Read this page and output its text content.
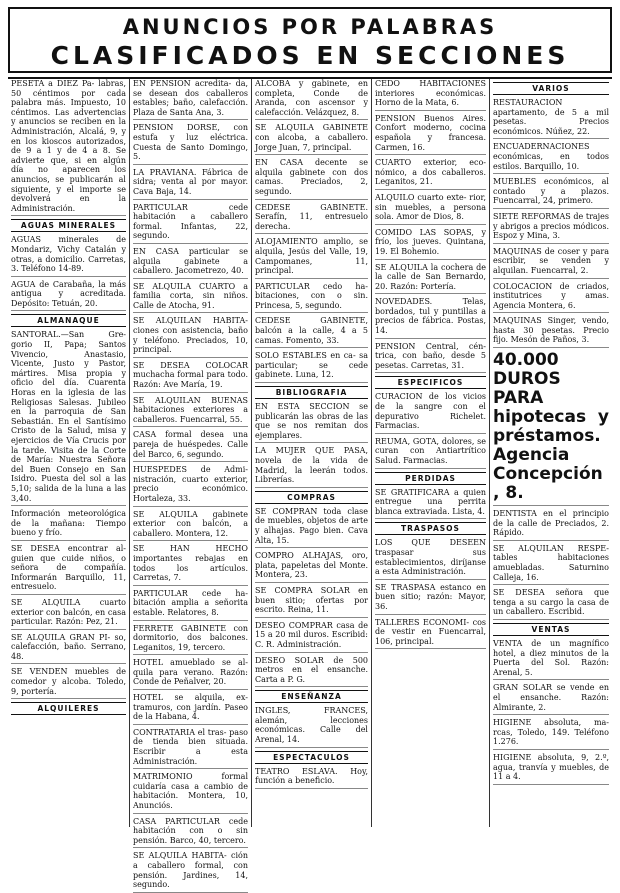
ANUNCIOS POR PALABRAS
CLASIFICADOS EN SECCIONES
PESETA a DIEZ Pa- labras, 50 céntimos por cada palabra más. Impuesto, 10 céntimos. Las advertencias y anuncios se reciben en la Administración, Alcalá, 9, y en los kioscos autorizados, de 9 a 1 y de 4 a 8. Se advierte que, si en algún día no aparecen los anuncios, se publicarán al siguiente, y el importe se devolverá en la Administración.
AGUAS MINERALES
AGUAS minerales de Mondariz, Vichy Catalán y otras, a domicilio. Carretas, 3. Teléfono 14-89.
AGUA de Carabaña, la más antigua y acreditada. Depósito: Tetuán, 20.
ALMANAQUE
SANTORAL.—San Gre- gorio II, Papa; Santos Vivencio, Anastasio, Vicente, Justo y Pastor, mártires. Misa propia y oficio del día. Cuarenta Horas en la iglesia de las Religiosas Salesas. Jubileo en la parroquia de San Sebastián. En el Santísimo Cristo de la Salud, misa y ejercicios de Vía Crucis por la tarde. Visita de la Corte de María: Nuestra Señora del Buen Consejo en San Isidro. Puesta del sol a las 5,10; salida de la luna a las 3,40.
Información meteorológica de la mañana: Tiempo bueno y frío.
SE DESEA encontrar al- guien que cuide niños, o señora de compañía. Informarán Barquillo, 11, entresuelo.
SE ALQUILA cuarto exterior con balcón, en casa particular. Razón: Pez, 21.
SE ALQUILA GRAN PI- so, calefacción, baño. Serrano, 48.
SE VENDEN muebles de comedor y alcoba. Toledo, 9, portería.
ALQUILERES
EN PENSION acredita- da, se desean dos caballeros estables; baño, calefacción. Plaza de Santa Ana, 3.
PENSION DORSE, con estufa y luz eléctrica. Cuesta de Santo Domingo, 5.
LA PRAVIANA. Fábrica de sidra; venta al por mayor. Cava Baja, 14.
PARTICULAR cede habitación a caballero formal. Infantas, 22, segundo.
EN CASA particular se alquila gabinete a caballero. Jacometrezo, 40.
SE ALQUILA CUARTO a familia corta, sin niños. Calle de Atocha, 91.
SE ALQUILAN HABITA- ciones con asistencia, baño y teléfono. Preciados, 10, principal.
SE DESEA COLOCAR muchacha formal para todo. Razón: Ave María, 19.
SE ALQUILAN BUENAS habitaciones exteriores a caballeros. Fuencarral, 55.
CASA formal desea una pareja de huéspedes. Calle del Barco, 6, segundo.
HUESPEDES de Admi- nistración, cuarto exterior, precio económico. Hortaleza, 33.
SE ALQUILA gabinete exterior con balcón, a caballero. Montera, 12.
SE HAN HECHO importantes rebajas en todos los artículos. Carretas, 7.
PARTICULAR cede ha- bitación amplia a señorita estable. Relatores, 8.
FERRETE GABINETE con dormitorio, dos balcones. Leganitos, 19, tercero.
HOTEL amueblado se al- quila para verano. Razón: Conde de Peñalver, 20.
HOTEL se alquila, ex- tramuros, con jardín. Paseo de la Habana, 4.
CONTRATARIA el tras- paso de tienda bien situada. Escribir a esta Administración.
MATRIMONIO formal cuidaría casa a cambio de habitación. Montera, 10, Anunciós.
CASA PARTICULAR cede habitación con o sin pensión. Barco, 40, tercero.
SE ALQUILA HABITA- ción a caballero formal, con pensión. Jardines, 14, segundo.
ALCOBA y gabinete, en completa, Conde de Aranda, con ascensor y calefacción. Velázquez, 8.
SE ALQUILA GABINETE con alcoba, a caballero. Jorge Juan, 7, principal.
EN CASA decente se alquila gabinete con dos camas. Preciados, 2, segundo.
CEDESE GABINETE. Serafín, 11, entresuelo derecha.
ALOJAMIENTO amplio, se alquila, Jesús del Valle, 19, Campomanes, 11, principal.
PARTICULAR cedo ha- bitaciones, con o sin. Princesa, 5, segundo.
CEDESE GABINETE, balcón a la calle, 4 a 5 camas. Fomento, 33.
SOLO ESTABLES en ca- sa particular; se cede gabinete. Luna, 12.
BIBLIOGRAFIA
EN ESTA SECCION se publicarán las obras de las que se nos remitan dos ejemplares.
LA MUJER QUE PASA, novela de la vida de Madrid, la leerán todos. Librerías.
COMPRAS
SE COMPRAN toda clase de muebles, objetos de arte y alhajas. Pago bien. Cava Alta, 15.
COMPRO ALHAJAS, oro, plata, papeletas del Monte. Montera, 23.
SE COMPRA SOLAR en buen sitio; ofertas por escrito. Reina, 11.
DESEO COMPRAR casa de 15 a 20 mil duros. Escribid: C. R. Administración.
DESEO SOLAR de 500 metros en el ensanche. Carta a P. G.
ENSEÑANZA
INGLES, FRANCES, alemán, lecciones económicas. Calle del Arenal, 14.
ESPECTACULOS
TEATRO ESLAVA. Hoy, función a beneficio.
CEDO HABITACIONES interiores económicas. Horno de la Mata, 6.
PENSION Buenos Aires. Confort moderno, cocina española y francesa. Carmen, 16.
CUARTO exterior, eco- nómico, a dos caballeros. Leganitos, 21.
ALQUILO cuarto exte- rior, sin muebles, a persona sola. Amor de Dios, 8.
COMIDO LAS SOPAS, y frío, los jueves. Quintana, 19. El Bohemio.
SE ALQUILA la cochera de la calle de San Bernardo, 20. Razón: Portería.
NOVEDADES. Telas, bordados, tul y puntillas a precios de fábrica. Postas, 14.
PENSION Central, cén- trica, con baño, desde 5 pesetas. Carretas, 31.
ESPECIFICOS
CURACION de los vicios de la sangre con el depurativo Richelet. Farmacias.
REUMA, GOTA, dolores, se curan con Antiartrítico Salud. Farmacias.
PERDIDAS
SE GRATIFICARA a quien entregue una perrita blanca extraviada. Lista, 4.
TRASPASOS
LOS QUE DESEEN traspasar sus establecimientos, diríjanse a esta Administración.
SE TRASPASA estanco en buen sitio; razón: Mayor, 36.
TALLERES ECONOMI- cos de vestir en Fuencarral, 106, principal.
VARIOS
RESTAURACION apartamento, de 5 a mil pesetas. Precios económicos. Núñez, 22.
ENCUADERNACIONES económicas, en todos estilos. Barquillo, 10.
MUEBLES económicos, al contado y a plazos. Fuencarral, 24, primero.
SIETE REFORMAS de trajes y abrigos a precios módicos. Espoz y Mina, 3.
MAQUINAS de coser y para escribir, se venden y alquilan. Fuencarral, 2.
COLOCACION de criados, institutrices y amas. Agencia Montera, 6.
MAQUINAS Singer, vendo, hasta 30 pesetas. Precio fijo. Mesón de Paños, 3.
40.000 DUROS PARA hipotecas y préstamos. Agencia Concepción, 8.
DENTISTA en el principio de la calle de Preciados, 2. Rápido.
SE ALQUILAN RESPE- tables habitaciones amuebladas. Saturnino Calleja, 16.
SE DESEA señora que tenga a su cargo la casa de un caballero. Escribid.
VENTAS
VENTA de un magnífico hotel, a diez minutos de la Puerta del Sol. Razón: Arenal, 5.
GRAN SOLAR se vende en el ensanche. Razón: Almirante, 2.
HIGIENE absoluta, ma- rcas, Toledo, 149. Teléfono 1.276.
HIGIENE absoluta, 9, 2.º, agua, tranvía y muebles, de 11 a 4.
